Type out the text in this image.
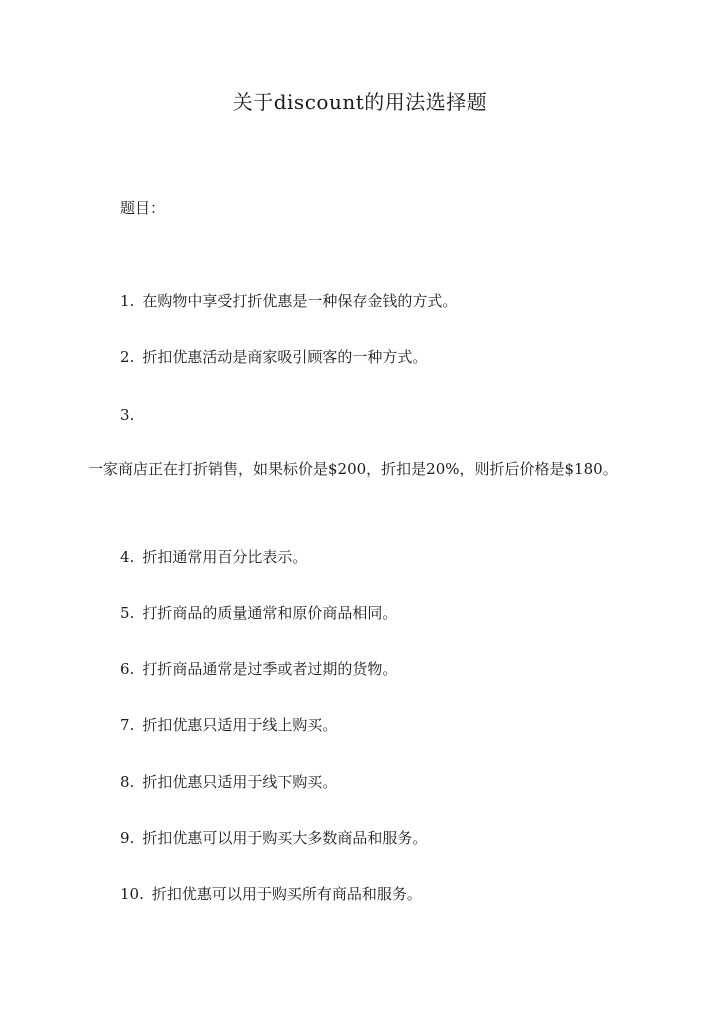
关于discount的用法选择题
题目：
1. 在购物中享受打折优惠是一种保存金钱的方式。
2. 折扣优惠活动是商家吸引顾客的一种方式。
3.
一家商店正在打折销售，如果标价是$200，折扣是20%，则折后价格是$180。
4. 折扣通常用百分比表示。
5. 打折商品的质量通常和原价商品相同。
6. 打折商品通常是过季或者过期的货物。
7. 折扣优惠只适用于线上购买。
8. 折扣优惠只适用于线下购买。
9. 折扣优惠可以用于购买大多数商品和服务。
10. 折扣优惠可以用于购买所有商品和服务。
